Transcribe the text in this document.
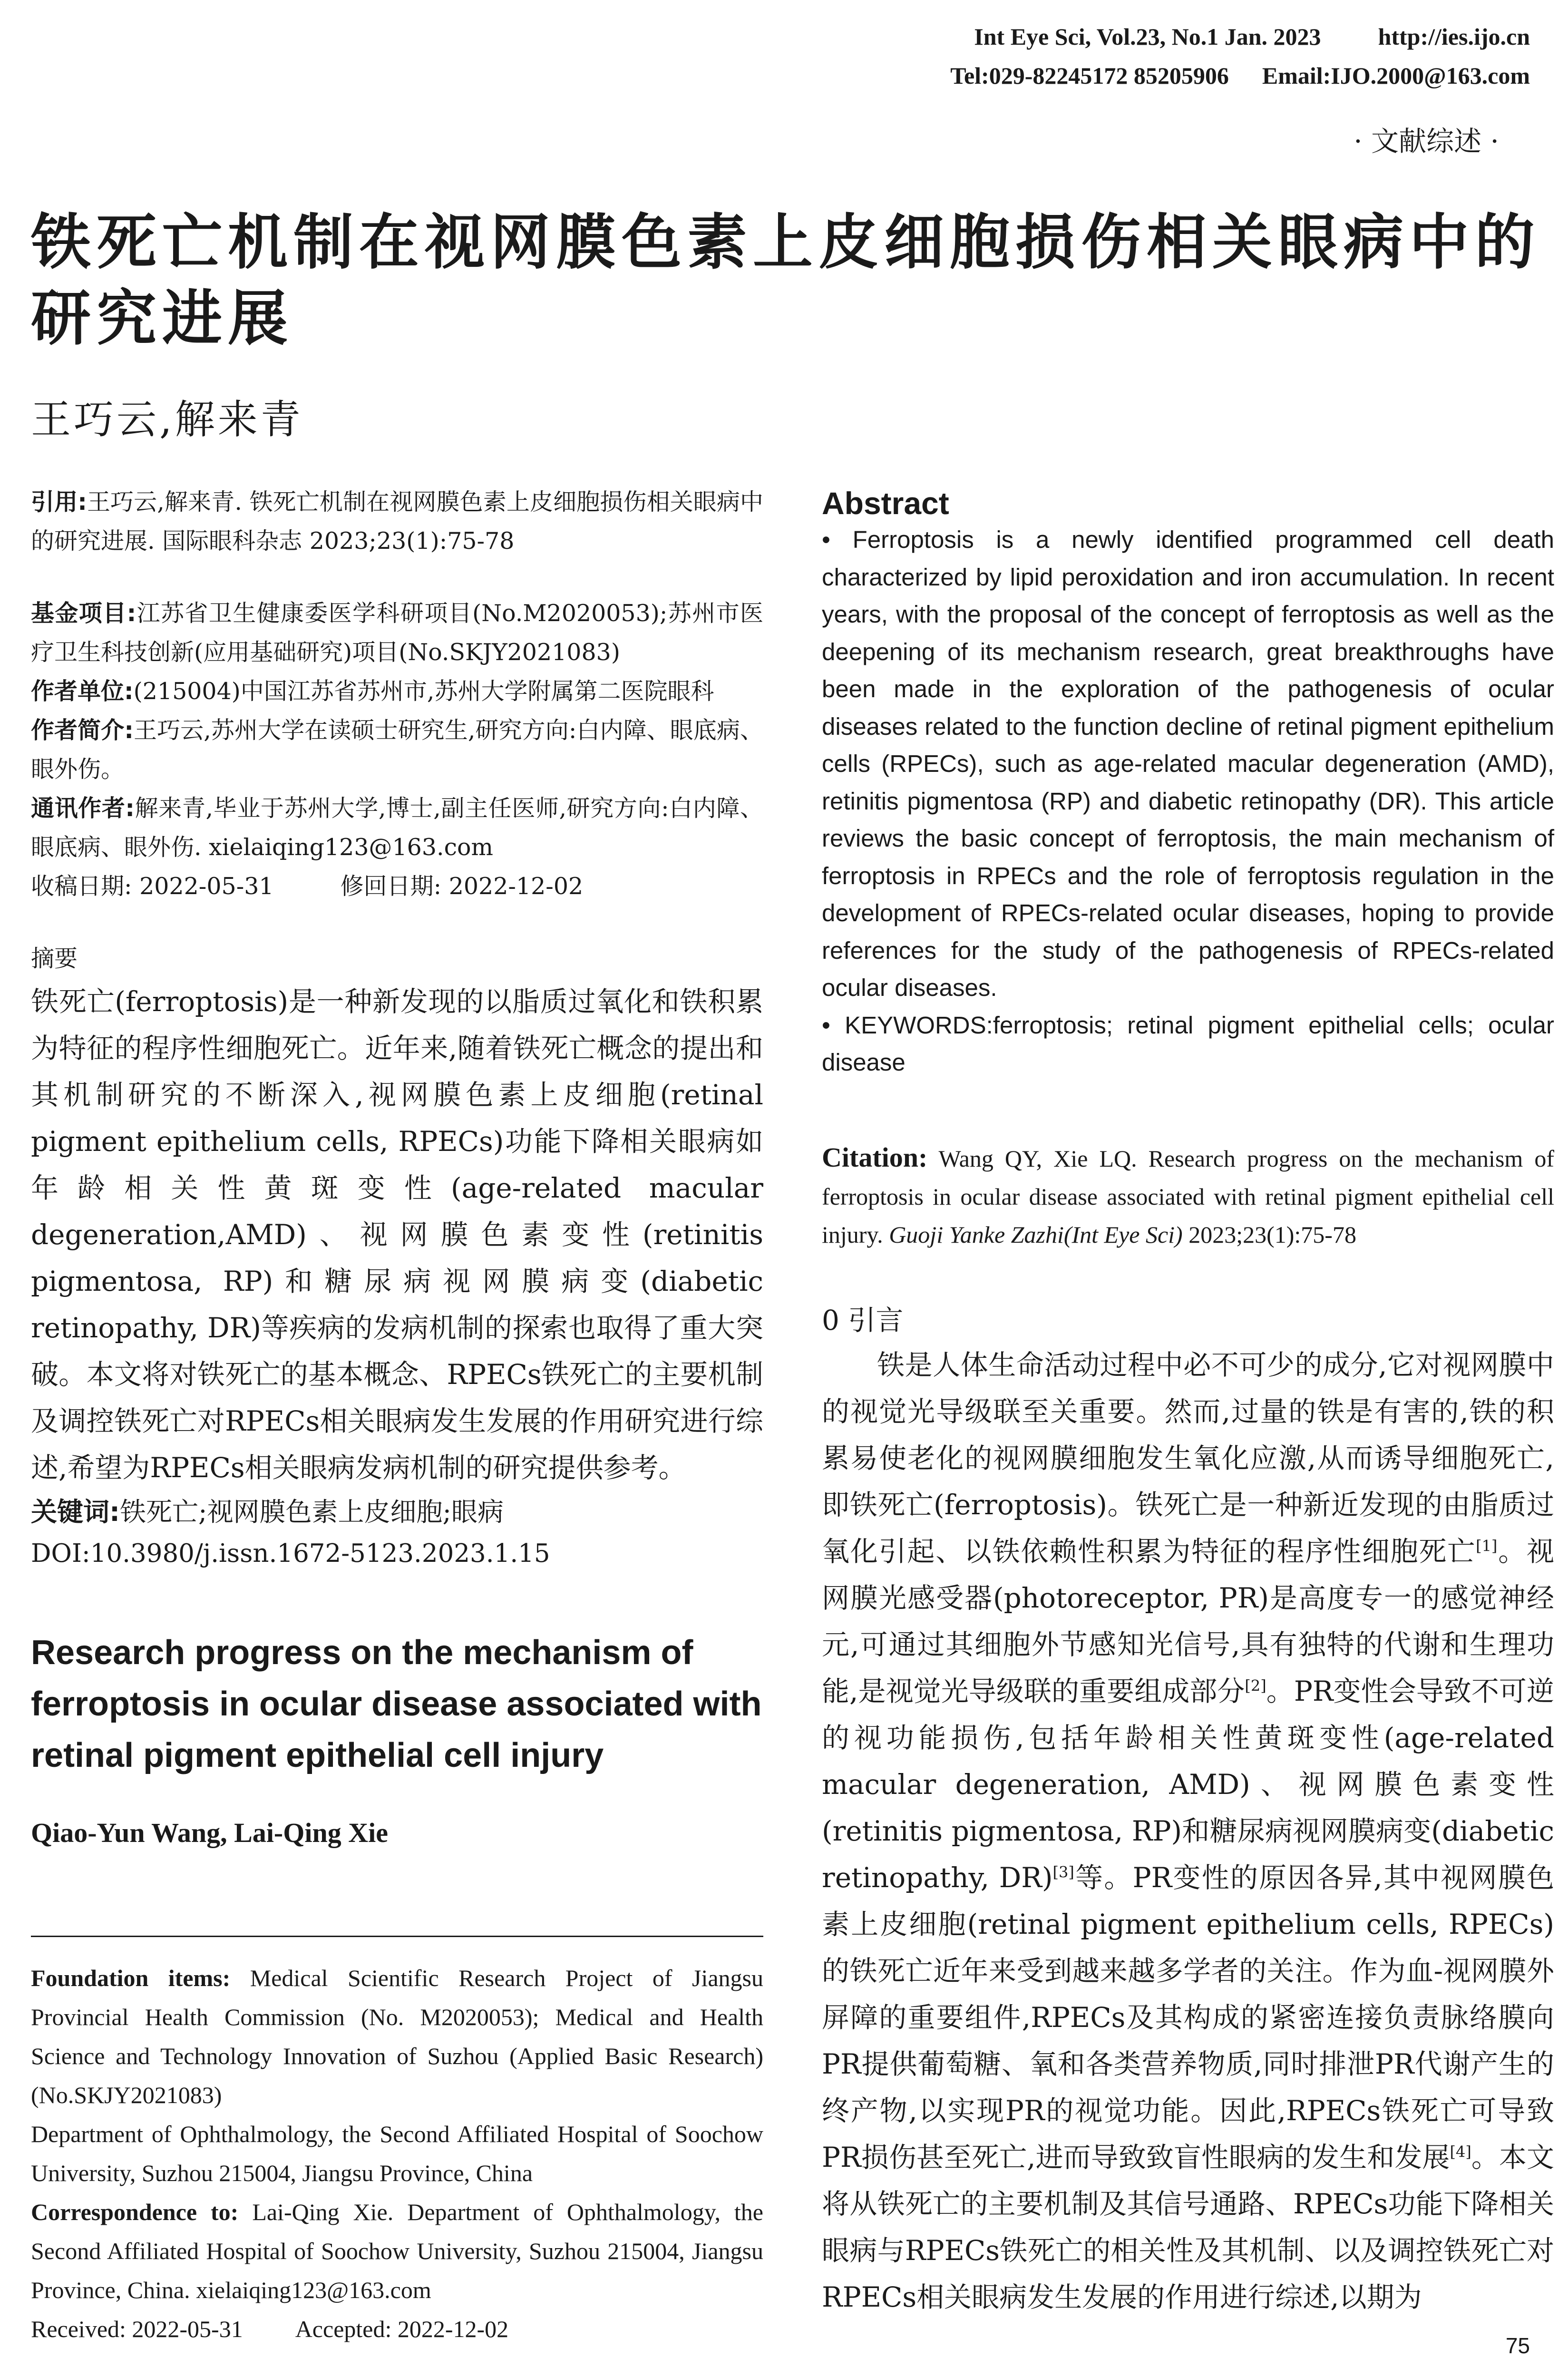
Int Eye Sci, Vol.23, No.1 Jan. 2023 http://ies.ijo.cn
Tel:029-82245172 85205906 Email:IJO.2000@163.com
· 文献综述 ·
铁死亡机制在视网膜色素上皮细胞损伤相关眼病中的研究进展
王巧云,解来青

引用:王巧云,解来青. 铁死亡机制在视网膜色素上皮细胞损伤相关眼病中的研究进展. 国际眼科杂志 2023;23(1):75-78

基金项目:江苏省卫生健康委医学科研项目(No.M2020053);苏州市医疗卫生科技创新(应用基础研究)项目(No.SKJY2021083)

作者单位:(215004)中国江苏省苏州市,苏州大学附属第二医院眼科

作者简介:王巧云,苏州大学在读硕士研究生,研究方向:白内障、眼底病、眼外伤。

通讯作者:解来青,毕业于苏州大学,博士,副主任医师,研究方向:白内障、眼底病、眼外伤. xielaiqing123@163.com

收稿日期: 2022-05-31	修回日期: 2022-12-02

摘要

铁死亡(ferroptosis)是一种新发现的以脂质过氧化和铁积累为特征的程序性细胞死亡。近年来,随着铁死亡概念的提出和其机制研究的不断深入,视网膜色素上皮细胞(retinal pigment epithelium cells, RPECs)功能下降相关眼病如年龄相关性黄斑变性(age-related macular degeneration,AMD)、视网膜色素变性(retinitis pigmentosa, RP)和糖尿病视网膜病变(diabetic retinopathy, DR)等疾病的发病机制的探索也取得了重大突破。本文将对铁死亡的基本概念、RPECs铁死亡的主要机制及调控铁死亡对RPECs相关眼病发生发展的作用研究进行综述,希望为RPECs相关眼病发病机制的研究提供参考。

关键词:铁死亡;视网膜色素上皮细胞;眼病

DOI:10.3980/j.issn.1672-5123.2023.1.15

Research progress on the mechanism of ferroptosis in ocular disease associated with retinal pigment epithelial cell injury

Qiao-Yun Wang, Lai-Qing Xie

Foundation items: Medical Scientific Research Project of Jiangsu Provincial Health Commission (No. M2020053); Medical and Health Science and Technology Innovation of Suzhou (Applied Basic Research) (No.SKJY2021083)

Department of Ophthalmology, the Second Affiliated Hospital of Soochow University, Suzhou 215004, Jiangsu Province, China

Correspondence to: Lai-Qing Xie. Department of Ophthalmology, the Second Affiliated Hospital of Soochow University, Suzhou 215004, Jiangsu Province, China. xielaiqing123@163.com

Received: 2022-05-31 Accepted: 2022-12-02

Abstract

• Ferroptosis is a newly identified programmed cell death characterized by lipid peroxidation and iron accumulation. In recent years, with the proposal of the concept of ferroptosis as well as the deepening of its mechanism research, great breakthroughs have been made in the exploration of the pathogenesis of ocular diseases related to the function decline of retinal pigment epithelium cells (RPECs), such as age-related macular degeneration (AMD), retinitis pigmentosa (RP) and diabetic retinopathy (DR). This article reviews the basic concept of ferroptosis, the main mechanism of ferroptosis in RPECs and the role of ferroptosis regulation in the development of RPECs-related ocular diseases, hoping to provide references for the study of the pathogenesis of RPECs-related ocular diseases.

• KEYWORDS:ferroptosis; retinal pigment epithelial cells; ocular disease

Citation: Wang QY, Xie LQ. Research progress on the mechanism of ferroptosis in ocular disease associated with retinal pigment epithelial cell injury. Guoji Yanke Zazhi(Int Eye Sci) 2023;23(1):75-78

0 引言

铁是人体生命活动过程中必不可少的成分,它对视网膜中的视觉光导级联至关重要。然而,过量的铁是有害的,铁的积累易使老化的视网膜细胞发生氧化应激,从而诱导细胞死亡,即铁死亡(ferroptosis)。铁死亡是一种新近发现的由脂质过氧化引起、以铁依赖性积累为特征的程序性细胞死亡[1]。视网膜光感受器(photoreceptor, PR)是高度专一的感觉神经元,可通过其细胞外节感知光信号,具有独特的代谢和生理功能,是视觉光导级联的重要组成部分[2]。PR变性会导致不可逆的视功能损伤,包括年龄相关性黄斑变性(age-related macular degeneration, AMD)、视网膜色素变性(retinitis pigmentosa, RP)和糖尿病视网膜病变(diabetic retinopathy, DR)[3]等。PR变性的原因各异,其中视网膜色素上皮细胞(retinal pigment epithelium cells, RPECs)的铁死亡近年来受到越来越多学者的关注。作为血-视网膜外屏障的重要组件,RPECs及其构成的紧密连接负责脉络膜向PR提供葡萄糖、氧和各类营养物质,同时排泄PR代谢产生的终产物,以实现PR的视觉功能。因此,RPECs铁死亡可导致PR损伤甚至死亡,进而导致致盲性眼病的发生和发展[4]。本文将从铁死亡的主要机制及其信号通路、RPECs功能下降相关眼病与RPECs铁死亡的相关性及其机制、以及调控铁死亡对RPECs相关眼病发生发展的作用进行综述,以期为

75
